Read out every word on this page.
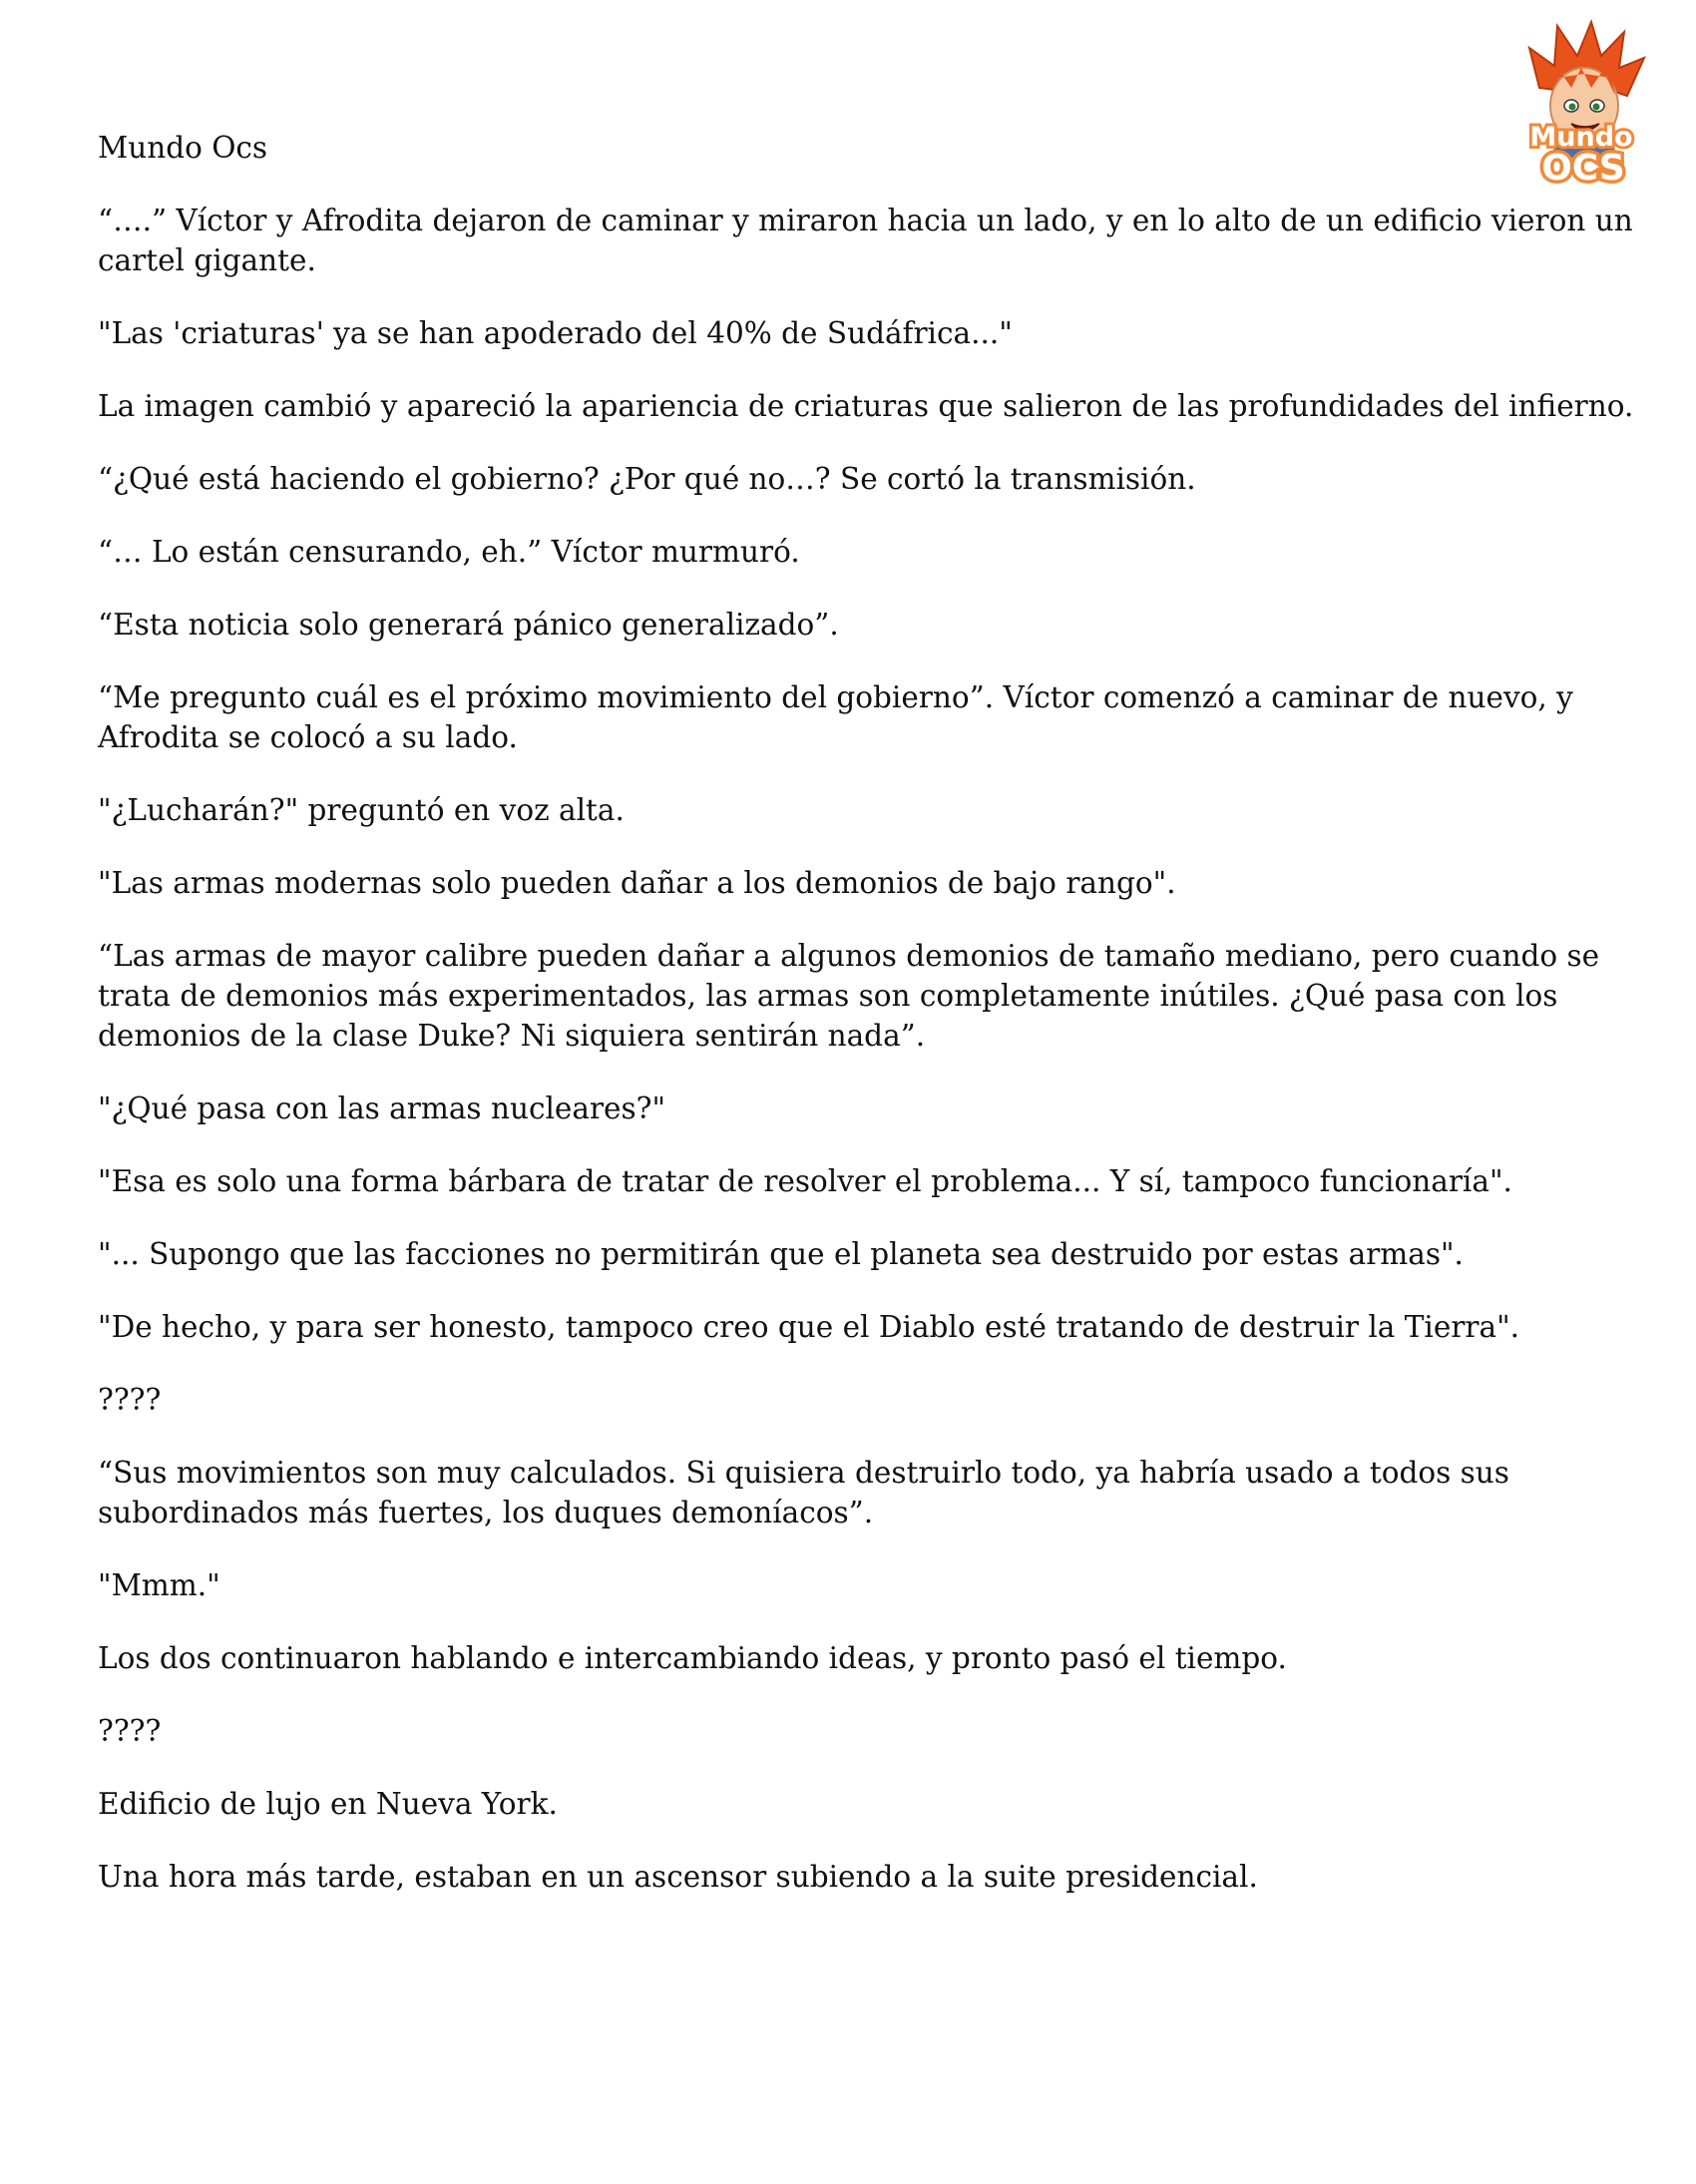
Mundo
OCS

Mundo Ocs

“….” Víctor y Afrodita dejaron de caminar y miraron hacia un lado, y en lo alto de un edificio vieron un cartel gigante.

"Las 'criaturas' ya se han apoderado del 40% de Sudáfrica..."

La imagen cambió y apareció la apariencia de criaturas que salieron de las profundidades del infierno.

“¿Qué está haciendo el gobierno? ¿Por qué no…? Se cortó la transmisión.

“… Lo están censurando, eh.” Víctor murmuró.

“Esta noticia solo generará pánico generalizado”.

“Me pregunto cuál es el próximo movimiento del gobierno”. Víctor comenzó a caminar de nuevo, y Afrodita se colocó a su lado.

"¿Lucharán?" preguntó en voz alta.

"Las armas modernas solo pueden dañar a los demonios de bajo rango".

“Las armas de mayor calibre pueden dañar a algunos demonios de tamaño mediano, pero cuando se trata de demonios más experimentados, las armas son completamente inútiles. ¿Qué pasa con los demonios de la clase Duke? Ni siquiera sentirán nada”.

"¿Qué pasa con las armas nucleares?"

"Esa es solo una forma bárbara de tratar de resolver el problema... Y sí, tampoco funcionaría".

"... Supongo que las facciones no permitirán que el planeta sea destruido por estas armas".

"De hecho, y para ser honesto, tampoco creo que el Diablo esté tratando de destruir la Tierra".

????

“Sus movimientos son muy calculados. Si quisiera destruirlo todo, ya habría usado a todos sus subordinados más fuertes, los duques demoníacos”.

"Mmm."

Los dos continuaron hablando e intercambiando ideas, y pronto pasó el tiempo.

????

Edificio de lujo en Nueva York.

Una hora más tarde, estaban en un ascensor subiendo a la suite presidencial.
